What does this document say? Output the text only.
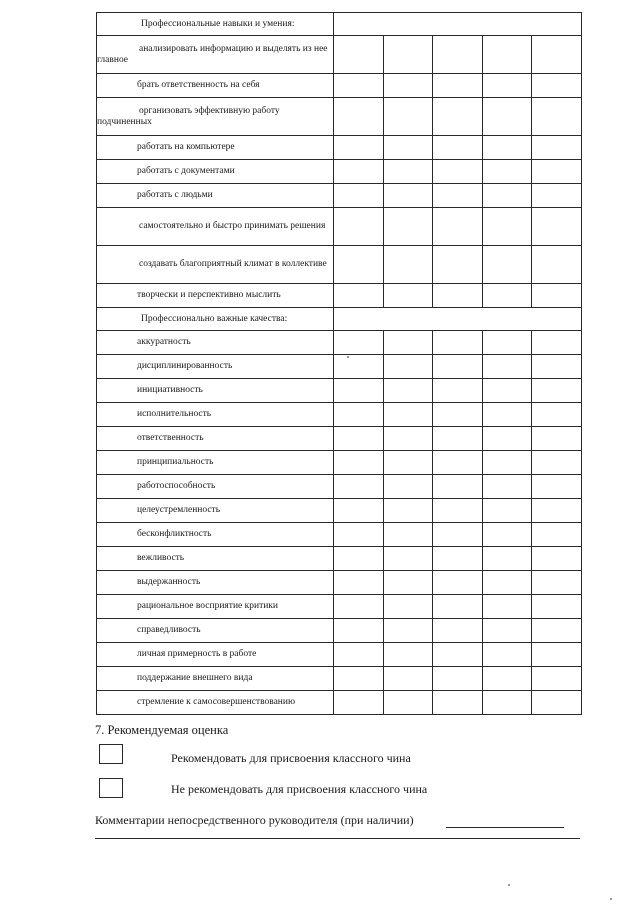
Профессиональные навыки и умения:					

анализировать информацию и выделять из нее главное					

брать ответственность на себя					

организовать эффективную работу подчиненных					

работать на компьютере					

работать с документами					

работать с людьми					

самостоятельно и быстро принимать решения					

создавать благоприятный климат в коллективе					

творчески и перспективно мыслить					

Профессионально важные качества:					

аккуратность					

дисциплинированность					

инициативность					

исполнительность					

ответственность					

принципиальность					

работоспособность					

целеустремленность					

бесконфликтность					

вежливость					

выдержанность					

рациональное восприятие критики					

справедливость					

личная примерность в работе					

поддержание внешнего вида					

стремление к самосовершенствованию					

7. Рекомендуемая оценка
Рекомендовать для присвоения классного чина
Не рекомендовать для присвоения классного чина
Комментарии непосредственного руководителя (при наличии)
